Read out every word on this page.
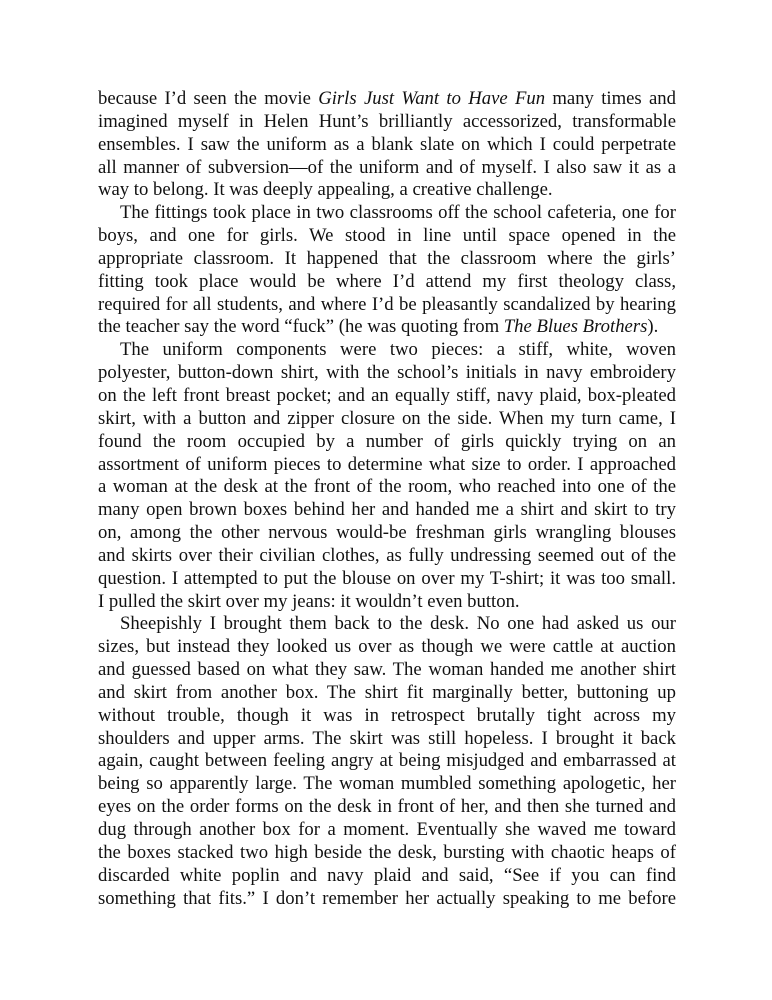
because I’d seen the movie Girls Just Want to Have Fun many times and
imagined myself in Helen Hunt’s brilliantly accessorized, transformable
ensembles. I saw the uniform as a blank slate on which I could perpetrate
all manner of subversion—of the uniform and of myself. I also saw it as a
way to belong. It was deeply appealing, a creative challenge.
The fittings took place in two classrooms off the school cafeteria, one for
boys, and one for girls. We stood in line until space opened in the
appropriate classroom. It happened that the classroom where the girls’
fitting took place would be where I’d attend my first theology class,
required for all students, and where I’d be pleasantly scandalized by hearing
the teacher say the word “fuck” (he was quoting from The Blues Brothers).
The uniform components were two pieces: a stiff, white, woven
polyester, button-down shirt, with the school’s initials in navy embroidery
on the left front breast pocket; and an equally stiff, navy plaid, box-pleated
skirt, with a button and zipper closure on the side. When my turn came, I
found the room occupied by a number of girls quickly trying on an
assortment of uniform pieces to determine what size to order. I approached
a woman at the desk at the front of the room, who reached into one of the
many open brown boxes behind her and handed me a shirt and skirt to try
on, among the other nervous would-be freshman girls wrangling blouses
and skirts over their civilian clothes, as fully undressing seemed out of the
question. I attempted to put the blouse on over my T-shirt; it was too small.
I pulled the skirt over my jeans: it wouldn’t even button.
Sheepishly I brought them back to the desk. No one had asked us our
sizes, but instead they looked us over as though we were cattle at auction
and guessed based on what they saw. The woman handed me another shirt
and skirt from another box. The shirt fit marginally better, buttoning up
without trouble, though it was in retrospect brutally tight across my
shoulders and upper arms. The skirt was still hopeless. I brought it back
again, caught between feeling angry at being misjudged and embarrassed at
being so apparently large. The woman mumbled something apologetic, her
eyes on the order forms on the desk in front of her, and then she turned and
dug through another box for a moment. Eventually she waved me toward
the boxes stacked two high beside the desk, bursting with chaotic heaps of
discarded white poplin and navy plaid and said, “See if you can find
something that fits.” I don’t remember her actually speaking to me before
